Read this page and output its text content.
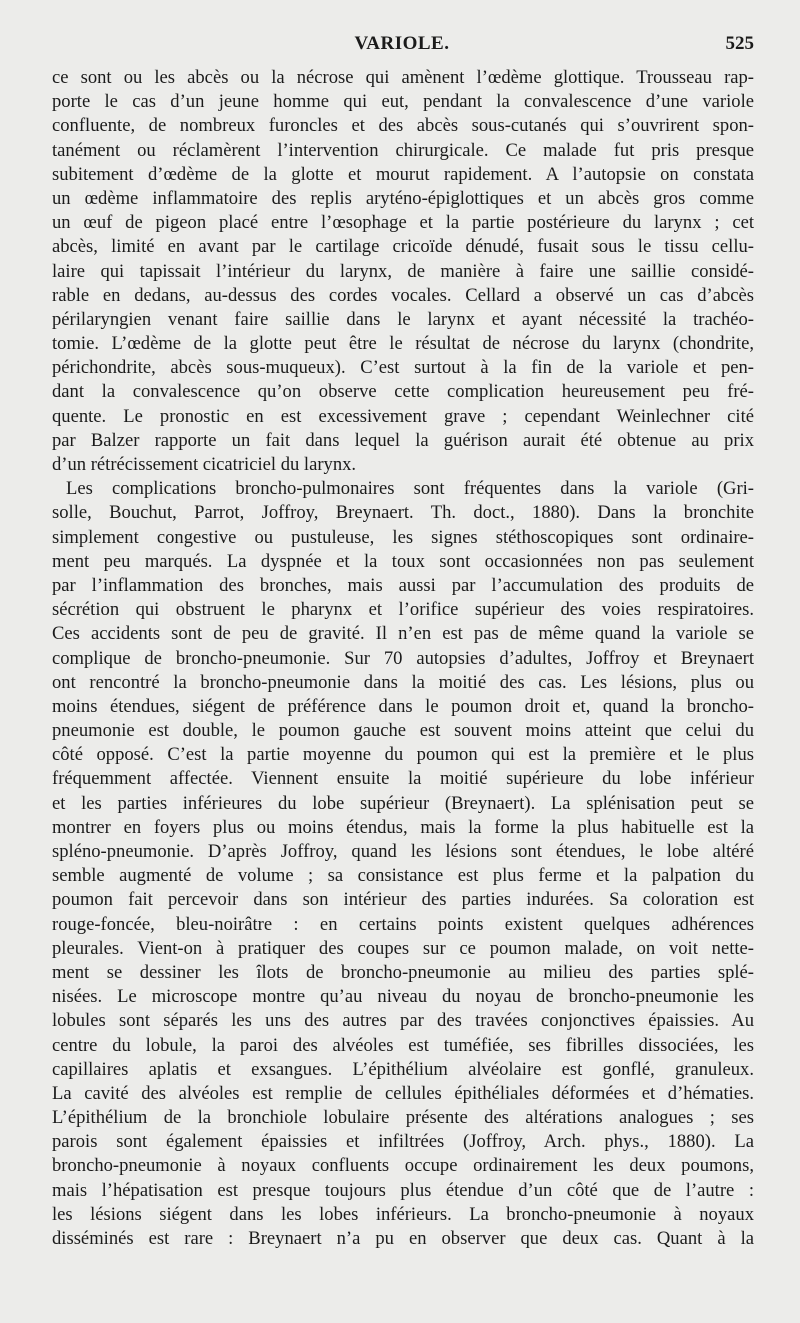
VARIOLE.	525
ce sont ou les abcès ou la nécrose qui amènent l’œdème glottique. Trousseau rap-
porte le cas d’un jeune homme qui eut, pendant la convalescence d’une variole
confluente, de nombreux furoncles et des abcès sous-cutanés qui s’ouvrirent spon-
tanément ou réclamèrent l’intervention chirurgicale. Ce malade fut pris presque
subitement d’œdème de la glotte et mourut rapidement. A l’autopsie on constata
un œdème inflammatoire des replis aryténo-épiglottiques et un abcès gros comme
un œuf de pigeon placé entre l’œsophage et la partie postérieure du larynx ; cet
abcès, limité en avant par le cartilage cricoïde dénudé, fusait sous le tissu cellu-
laire qui tapissait l’intérieur du larynx, de manière à faire une saillie considé-
rable en dedans, au-dessus des cordes vocales. Cellard a observé un cas d’abcès
périlaryngien venant faire saillie dans le larynx et ayant nécessité la trachéo-
tomie. L’œdème de la glotte peut être le résultat de nécrose du larynx (chondrite,
périchondrite, abcès sous-muqueux). C’est surtout à la fin de la variole et pen-
dant la convalescence qu’on observe cette complication heureusement peu fré-
quente. Le pronostic en est excessivement grave ; cependant Weinlechner cité
par Balzer rapporte un fait dans lequel la guérison aurait été obtenue au prix
d’un rétrécissement cicatriciel du larynx.
Les complications broncho-pulmonaires sont fréquentes dans la variole (Gri-
solle, Bouchut, Parrot, Joffroy, Breynaert. Th. doct., 1880). Dans la bronchite
simplement congestive ou pustuleuse, les signes stéthoscopiques sont ordinaire-
ment peu marqués. La dyspnée et la toux sont occasionnées non pas seulement
par l’inflammation des bronches, mais aussi par l’accumulation des produits de
sécrétion qui obstruent le pharynx et l’orifice supérieur des voies respiratoires.
Ces accidents sont de peu de gravité. Il n’en est pas de même quand la variole se
complique de broncho-pneumonie. Sur 70 autopsies d’adultes, Joffroy et Breynaert
ont rencontré la broncho-pneumonie dans la moitié des cas. Les lésions, plus ou
moins étendues, siégent de préférence dans le poumon droit et, quand la broncho-
pneumonie est double, le poumon gauche est souvent moins atteint que celui du
côté opposé. C’est la partie moyenne du poumon qui est la première et le plus
fréquemment affectée. Viennent ensuite la moitié supérieure du lobe inférieur
et les parties inférieures du lobe supérieur (Breynaert). La splénisation peut se
montrer en foyers plus ou moins étendus, mais la forme la plus habituelle est la
spléno-pneumonie. D’après Joffroy, quand les lésions sont étendues, le lobe altéré
semble augmenté de volume ; sa consistance est plus ferme et la palpation du
poumon fait percevoir dans son intérieur des parties indurées. Sa coloration est
rouge-foncée, bleu-noirâtre : en certains points existent quelques adhérences
pleurales. Vient-on à pratiquer des coupes sur ce poumon malade, on voit nette-
ment se dessiner les îlots de broncho-pneumonie au milieu des parties splé-
nisées. Le microscope montre qu’au niveau du noyau de broncho-pneumonie les
lobules sont séparés les uns des autres par des travées conjonctives épaissies. Au
centre du lobule, la paroi des alvéoles est tuméfiée, ses fibrilles dissociées, les
capillaires aplatis et exsangues. L’épithélium alvéolaire est gonflé, granuleux.
La cavité des alvéoles est remplie de cellules épithéliales déformées et d’hématies.
L’épithélium de la bronchiole lobulaire présente des altérations analogues ; ses
parois sont également épaissies et infiltrées (Joffroy, Arch. phys., 1880). La
broncho-pneumonie à noyaux confluents occupe ordinairement les deux poumons,
mais l’hépatisation est presque toujours plus étendue d’un côté que de l’autre :
les lésions siégent dans les lobes inférieurs. La broncho-pneumonie à noyaux
disséminés est rare : Breynaert n’a pu en observer que deux cas. Quant à la
